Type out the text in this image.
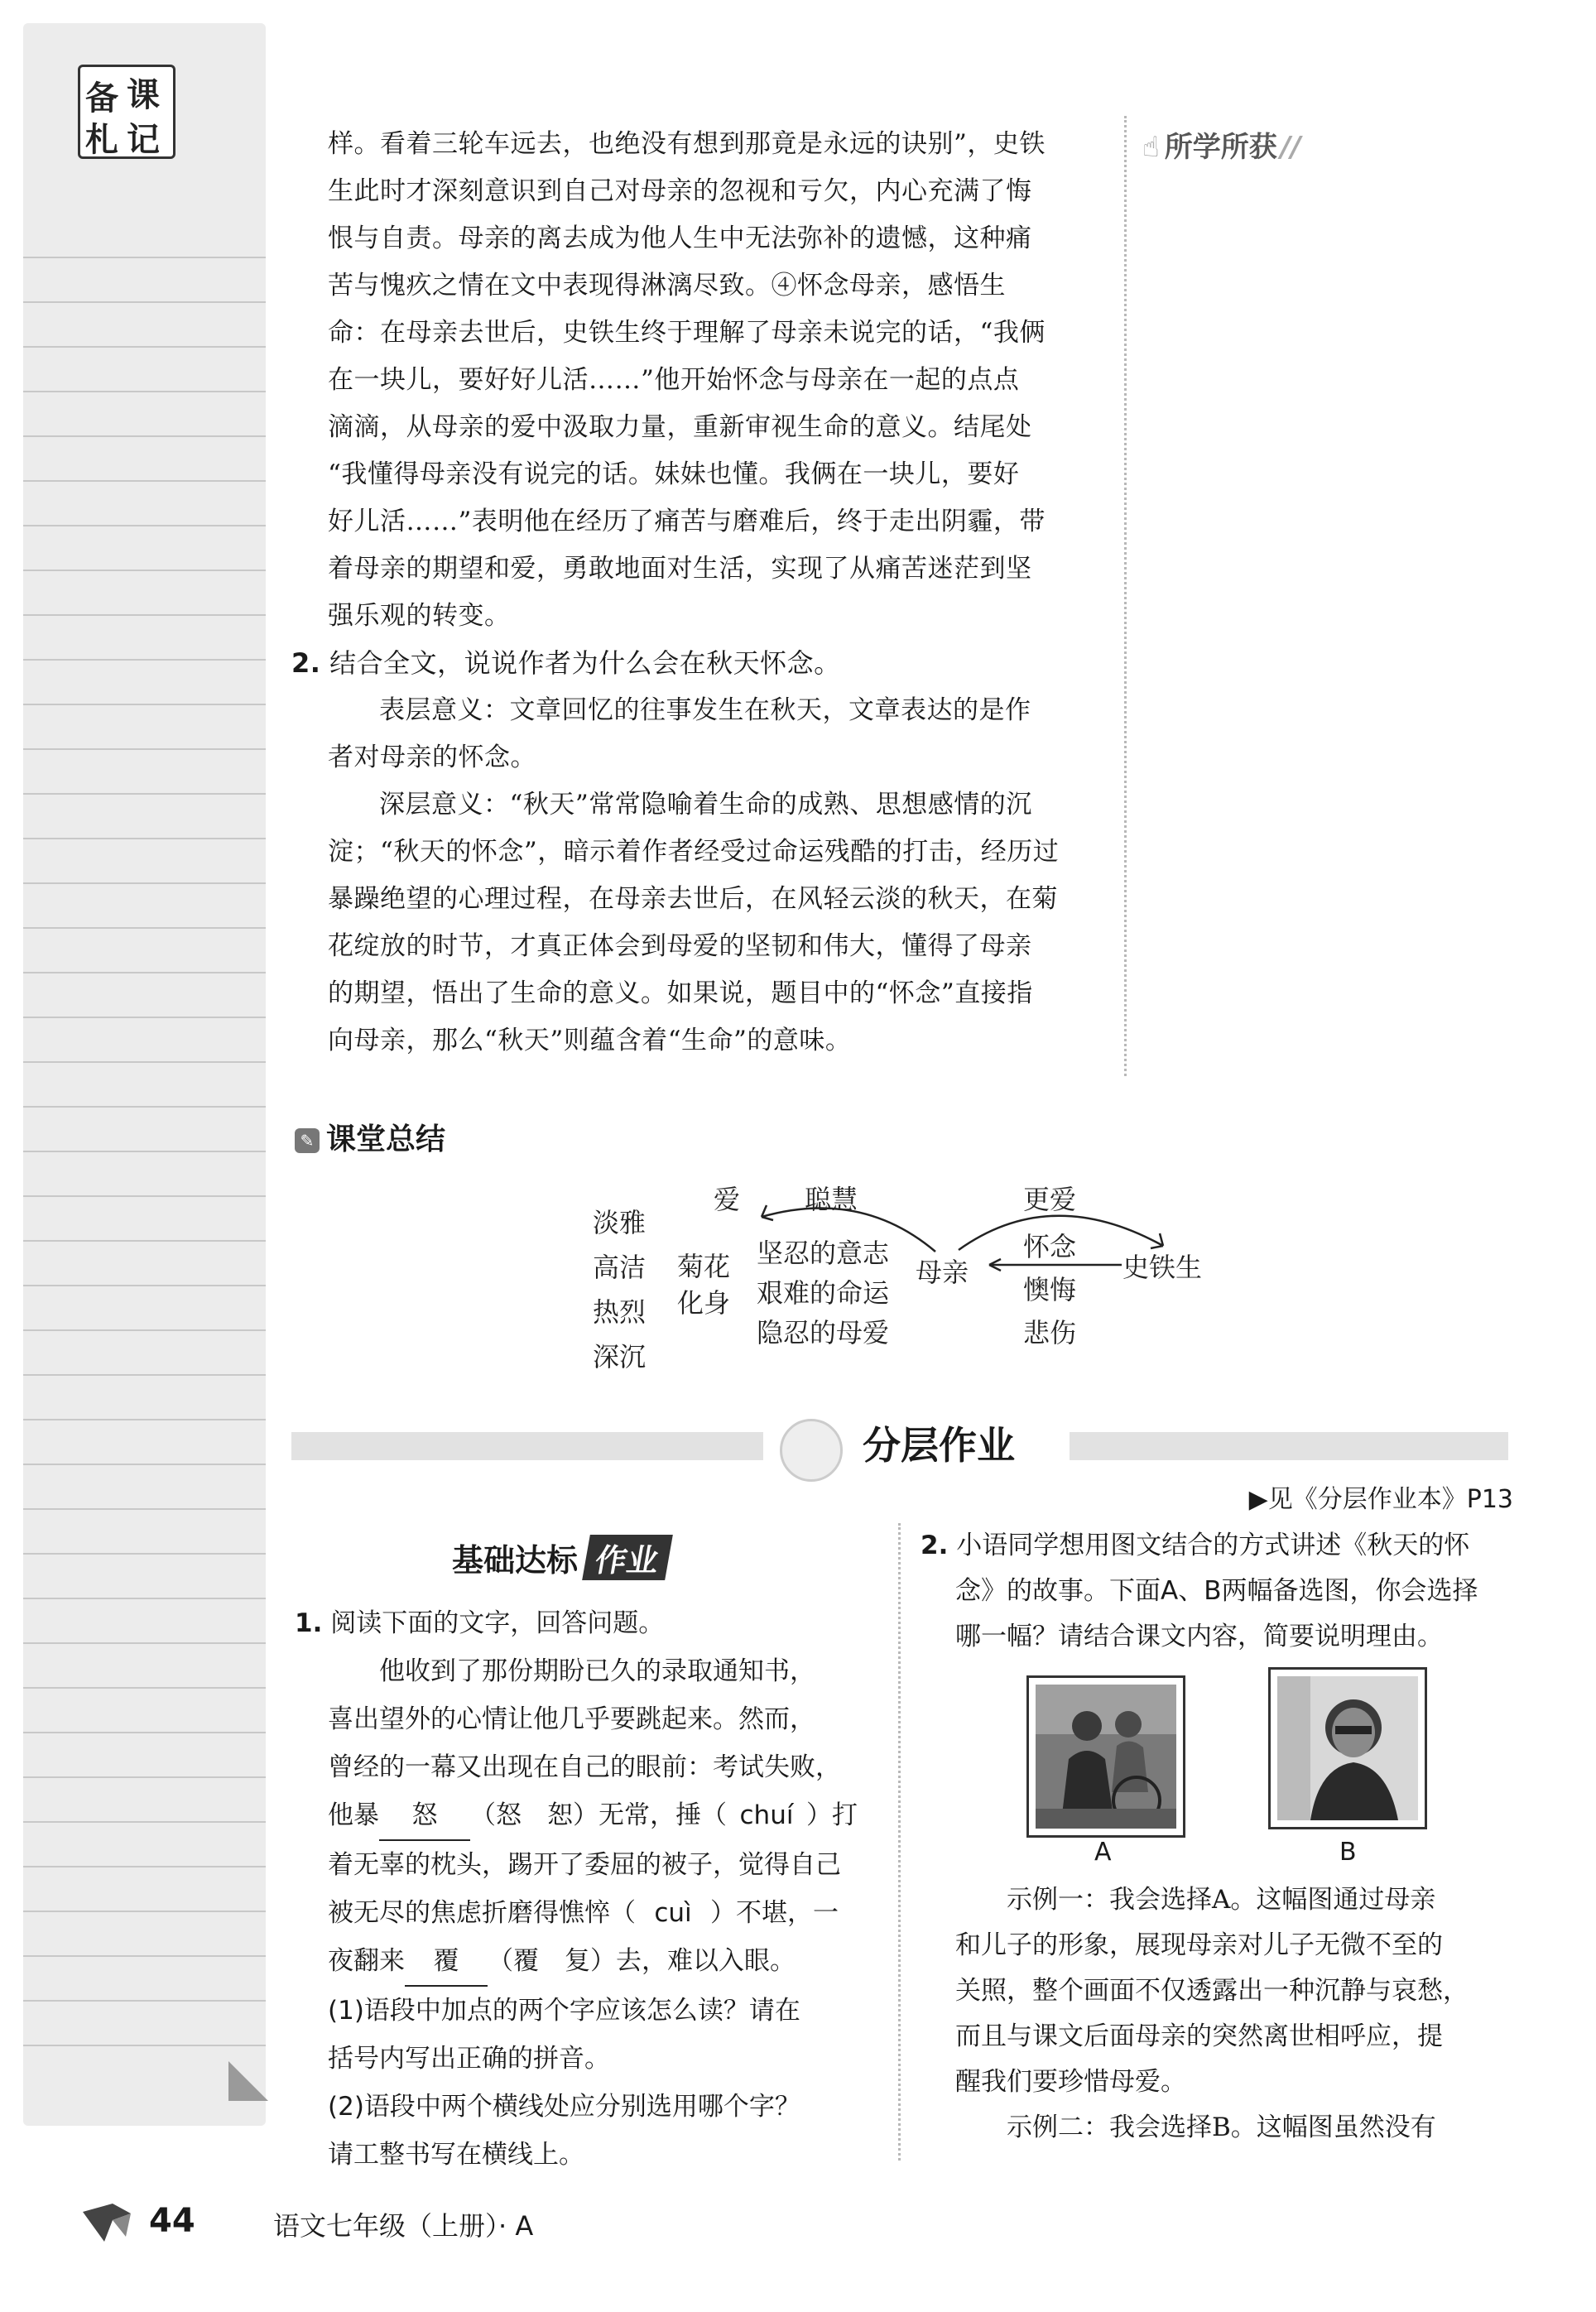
备 课
札 记	☝ 所学所获 //

样。看着三轮车远去，也绝没有想到那竟是永远的诀别”，史铁

生此时才深刻意识到自己对母亲的忽视和亏欠，内心充满了悔

恨与自责。母亲的离去成为他人生中无法弥补的遗憾，这种痛

苦与愧疚之情在文中表现得淋漓尽致。④怀念母亲，感悟生

命：在母亲去世后，史铁生终于理解了母亲未说完的话，“我俩

在一块儿，要好好儿活……”他开始怀念与母亲在一起的点点

滴滴，从母亲的爱中汲取力量，重新审视生命的意义。结尾处

“我懂得母亲没有说完的话。妹妹也懂。我俩在一块儿，要好

好儿活……”表明他在经历了痛苦与磨难后，终于走出阴霾，带

着母亲的期望和爱，勇敢地面对生活，实现了从痛苦迷茫到坚

强乐观的转变。

2. 结合全文，说说作者为什么会在秋天怀念。

表层意义：文章回忆的往事发生在秋天，文章表达的是作

者对母亲的怀念。

深层意义：“秋天”常常隐喻着生命的成熟、思想感情的沉

淀；“秋天的怀念”，暗示着作者经受过命运残酷的打击，经历过

暴躁绝望的心理过程，在母亲去世后，在风轻云淡的秋天，在菊

花绽放的时节，才真正体会到母爱的坚韧和伟大，懂得了母亲

的期望，悟出了生命的意义。如果说，题目中的“怀念”直接指

向母亲，那么“秋天”则蕴含着“生命”的意味。

✎ 课堂总结
淡雅
高洁
热烈
深沉
菊花
化身
爱 聪慧
坚忍的意志
艰难的命运
隐忍的母爱
母亲
更爱
怀念
懊悔
悲伤
史铁生
分层作业
▶见《分层作业本》P13
基础达标 作业
1. 阅读下面的文字，回答问题。
他收到了那份期盼已久的录取通知书，
喜出望外的心情让他几乎要跳起来。然而，
曾经的一幕又出现在自己的眼前：考试失败，
他暴 怒 （怒　恕）无常，捶（ chuí ）打
着无辜的枕头，踢开了委屈的被子，觉得自己
被无尽的焦虑折磨得憔悴（ cuì ）不堪，一
夜翻来 覆 （覆　复）去，难以入眼。
(1)语段中加点的两个字应该怎么读？请在
括号内写出正确的拼音。
(2)语段中两个横线处应分别选用哪个字？
请工整书写在横线上。
2. 小语同学想用图文结合的方式讲述《秋天的怀
念》的故事。下面A、B两幅备选图，你会选择
哪一幅？请结合课文内容，简要说明理由。
A	B
示例一：我会选择A。这幅图通过母亲
和儿子的形象，展现母亲对儿子无微不至的
关照，整个画面不仅透露出一种沉静与哀愁，
而且与课文后面母亲的突然离世相呼应，提
醒我们要珍惜母爱。
示例二：我会选择B。这幅图虽然没有
44	语文七年级（上册）· A
